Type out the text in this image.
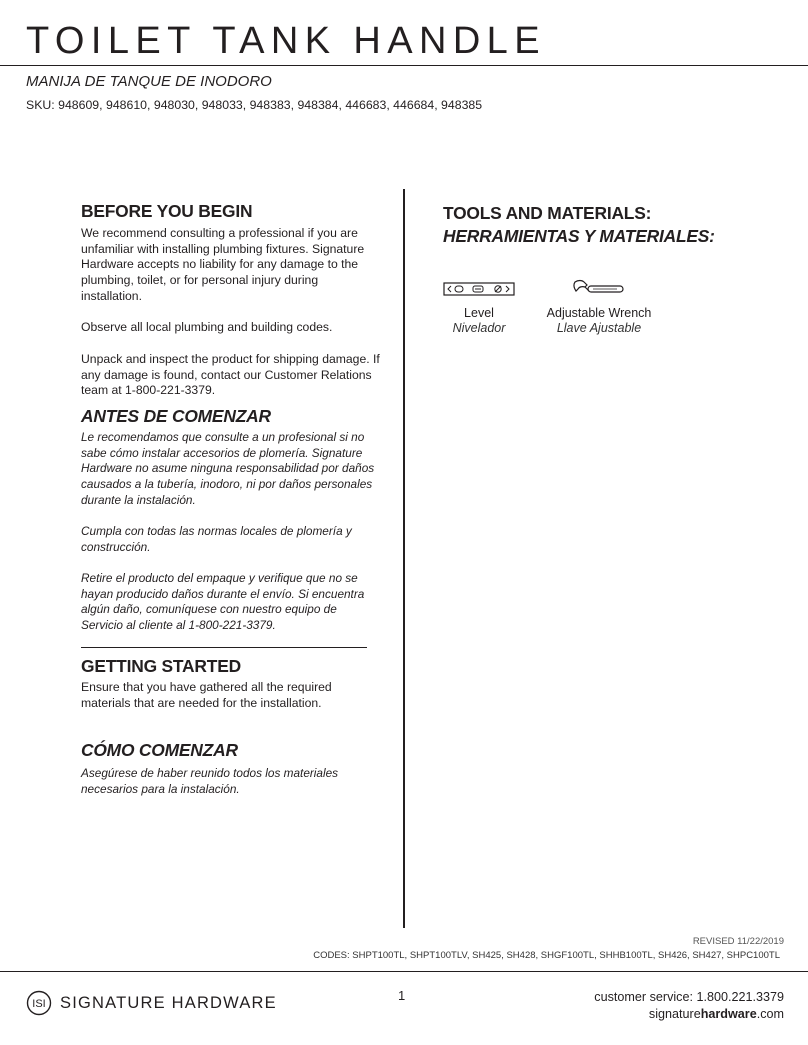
TOILET TANK HANDLE
MANIJA DE TANQUE DE INODORO
SKU: 948609, 948610, 948030, 948033, 948383, 948384, 446683, 446684, 948385
BEFORE YOU BEGIN

We recommend consulting a professional if you are unfamiliar with installing plumbing fixtures. Signature Hardware accepts no liability for any damage to the plumbing, toilet, or for personal injury during installation.

Observe all local plumbing and building codes.

Unpack and inspect the product for shipping damage. If any damage is found, contact our Customer Relations team at 1-800-221-3379.

ANTES DE COMENZAR

Le recomendamos que consulte a un profesional si no sabe cómo instalar accesorios de plomería. Signature Hardware no asume ninguna responsabilidad por daños causados a la tubería, inodoro, ni por daños personales durante la instalación.

Cumpla con todas las normas locales de plomería y construcción.

Retire el producto del empaque y verifique que no se hayan producido daños durante el envío. Si encuentra algún daño, comuníquese con nuestro equipo de Servicio al cliente al 1-800-221-3379.

GETTING STARTED

Ensure that you have gathered all the required materials that are needed for the installation.

CÓMO COMENZAR

Asegúrese de haber reunido todos los materiales necesarios para la instalación.

TOOLS AND MATERIALS:
HERRAMIENTAS Y MATERIALES:
Level
Nivelador
Adjustable Wrench
Llave Ajustable
REVISED 11/22/2019
CODES: SHPT100TL, SHPT100TLV, SH425, SH428, SHGF100TL, SHHB100TL, SH426, SH427, SHPC100TL
ISI SIGNATURE HARDWARE	1	customer service: 1.800.221.3379
signaturehardware.com
